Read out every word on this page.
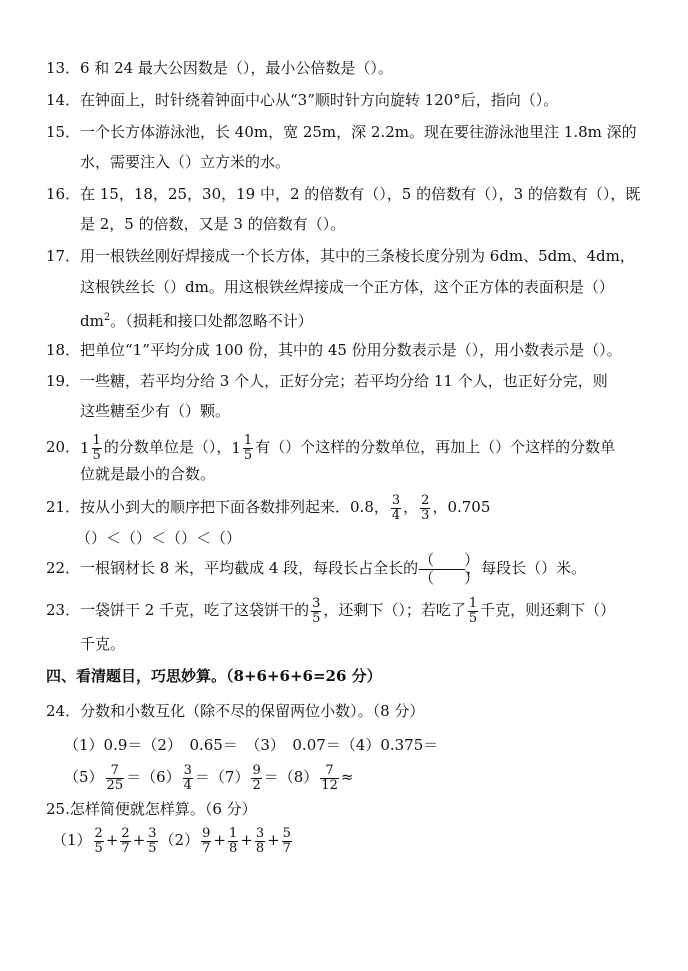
13．6 和 24 最大公因数是（），最小公倍数是（）。
14．在钟面上，时针绕着钟面中心从“3”顺时针方向旋转 120°后，指向（）。
15．一个长方体游泳池，长 40m，宽 25m，深 2.2m。现在要往游泳池里注 1.8m 深的
水，需要注入（）立方米的水。
16．在 15，18，25，30，19 中，2 的倍数有（），5 的倍数有（），3 的倍数有（），既
是 2，5 的倍数，又是 3 的倍数有（）。
17．用一根铁丝刚好焊接成一个长方体，其中的三条棱长度分别为 6dm、5dm、4dm，
这根铁丝长（）dm。用这根铁丝焊接成一个正方体，这个正方体的表面积是（）
$dm^2$。（损耗和接口处都忽略不计）
18．把单位“1”平均分成 100 份，其中的 45 份用分数表示是（），用小数表示是（）。
19．一些糖，若平均分给 3 个人，正好分完；若平均分给 11 个人，也正好分完，则
这些糖至少有（）颗。
20． $1 \frac{1}{5}$ 的分数单位是（）， $1 \frac{1}{5}$ 有（）个这样的分数单位，再加上（）个这样的分数单
位就是最小的合数。
21．按从小到大的顺序把下面各数排列起来．0.8， $\frac{3}{4}$ ， $\frac{2}{3}$ ，0.705
（）＜（）＜（）＜（）
22．一根钢材长 8 米，平均截成 4 段，每段长占全长的 （　　）
（　　）
，每段长（）米。
23．一袋饼干 2 千克，吃了这袋饼干的 $\frac{3}{5}$ ，还剩下（）；若吃了 $\frac{1}{5}$ 千克，则还剩下（）
千克。
四、看清题目，巧思妙算。（8+6+6+6=26 分）
24．分数和小数互化（除不尽的保留两位小数）。（8 分）
（1）0.9＝（2）　0.65＝　（3）　0.07＝（4）0.375＝
$(5) \frac{7}{25} =(6) \frac{3}{4} =(7) \frac{9}{2} =(8) \frac{7}{12}$ ≈
25.怎样简便就怎样算。（6 分）
$(1) \frac{2}{5} + \frac{2}{7} + \frac{3}{5} (2) \frac{9}{7} + \frac{1}{8} + \frac{3}{8} + \frac{5}{7}$
